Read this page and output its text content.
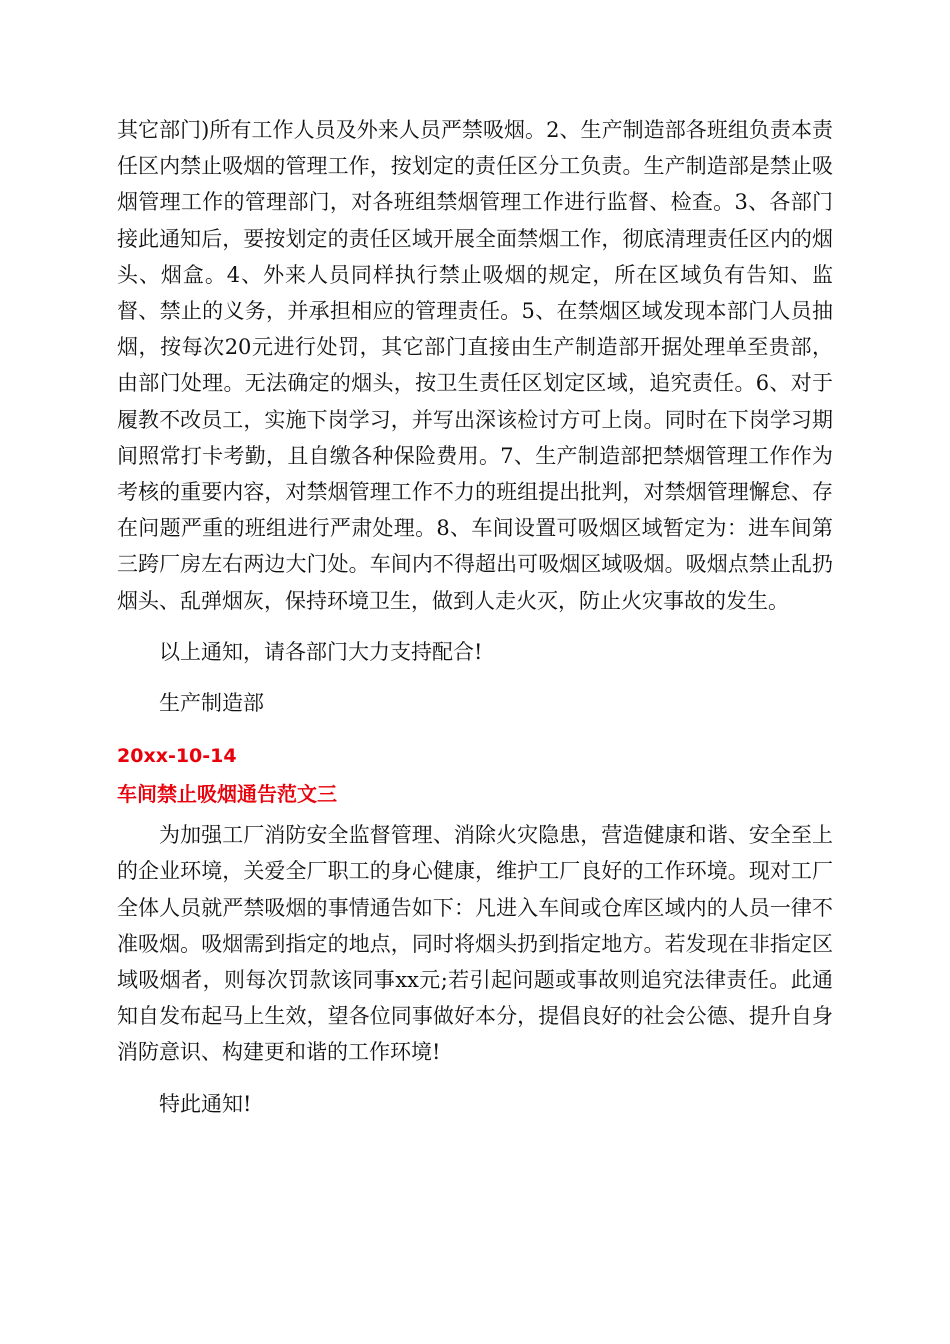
其它部门)所有工作人员及外来人员严禁吸烟。2、生产制造部各班组负责本责任区内禁止吸烟的管理工作，按划定的责任区分工负责。生产制造部是禁止吸烟管理工作的管理部门，对各班组禁烟管理工作进行监督、检查。3、各部门接此通知后，要按划定的责任区域开展全面禁烟工作，彻底清理责任区内的烟头、烟盒。4、外来人员同样执行禁止吸烟的规定，所在区域负有告知、监督、禁止的义务，并承担相应的管理责任。5、在禁烟区域发现本部门人员抽烟，按每次20元进行处罚，其它部门直接由生产制造部开据处理单至贵部，由部门处理。无法确定的烟头，按卫生责任区划定区域，追究责任。6、对于履教不改员工，实施下岗学习，并写出深该检讨方可上岗。同时在下岗学习期间照常打卡考勤，且自缴各种保险费用。7、生产制造部把禁烟管理工作作为考核的重要内容，对禁烟管理工作不力的班组提出批判，对禁烟管理懈怠、存在问题严重的班组进行严肃处理。8、车间设置可吸烟区域暂定为：进车间第三跨厂房左右两边大门处。车间内不得超出可吸烟区域吸烟。吸烟点禁止乱扔烟头、乱弹烟灰，保持环境卫生，做到人走火灭，防止火灾事故的发生。

以上通知，请各部门大力支持配合!

生产制造部

20xx-10-14

车间禁止吸烟通告范文三

为加强工厂消防安全监督管理、消除火灾隐患，营造健康和谐、安全至上的企业环境，关爱全厂职工的身心健康，维护工厂良好的工作环境。现对工厂全体人员就严禁吸烟的事情通告如下：凡进入车间或仓库区域内的人员一律不准吸烟。吸烟需到指定的地点，同时将烟头扔到指定地方。若发现在非指定区域吸烟者，则每次罚款该同事xx元;若引起问题或事故则追究法律责任。此通知自发布起马上生效，望各位同事做好本分，提倡良好的社会公德、提升自身消防意识、构建更和谐的工作环境!

特此通知!
